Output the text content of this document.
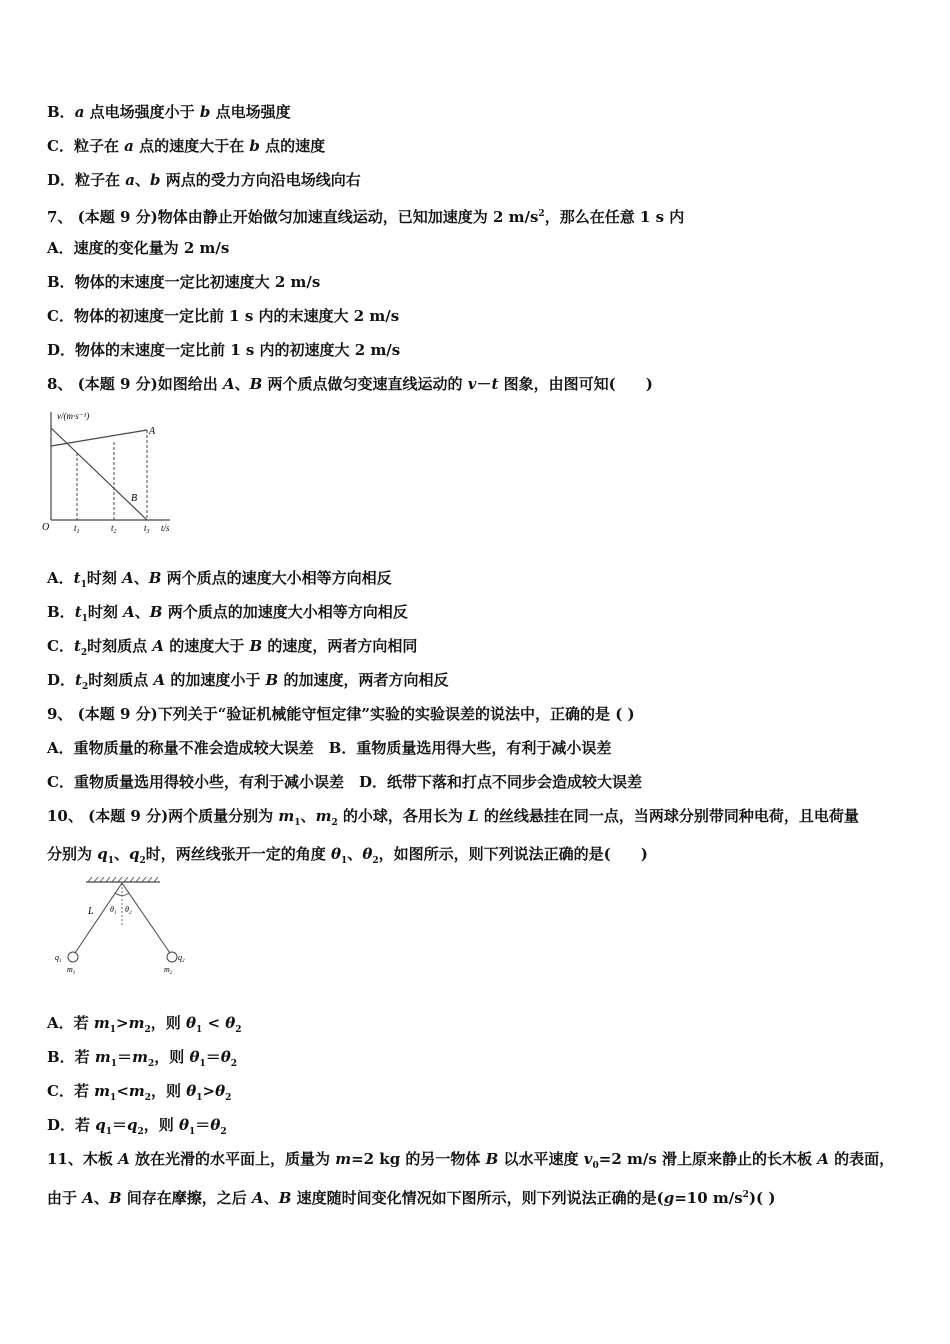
B．a 点电场强度小于 b 点电场强度
C．粒子在 a 点的速度大于在 b 点的速度
D．粒子在 a、b 两点的受力方向沿电场线向右
7、 (本题 9 分)物体由静止开始做匀加速直线运动，已知加速度为 2 $m/s^2$，那么在任意 1 s 内
A．速度的变化量为 2 m/s
B．物体的末速度一定比初速度大 2 m/s
C．物体的初速度一定比前 1 s 内的末速度大 2 m/s
D．物体的末速度一定比前 1 s 内的初速度大 2 m/s
8、 (本题 9 分)如图给出 A、B 两个质点做匀变速直线运动的 v－t 图象，由图可知(　　)
v/(m·s⁻¹)
A
B
O	$t_1$	$t_2$	$t_3$ t/s
A．$t_1$时刻 A、B 两个质点的速度大小相等方向相反
B．$t_1$时刻 A、B 两个质点的加速度大小相等方向相反
C．$t_2$时刻质点 A 的速度大于 B 的速度，两者方向相同
D．$t_2$时刻质点 A 的加速度小于 B 的加速度，两者方向相反
9、 (本题 9 分)下列关于“验证机械能守恒定律”实验的实验误差的说法中，正确的是 ( )
A．重物质量的称量不准会造成较大误差　B．重物质量选用得大些，有利于减小误差
C．重物质量选用得较小些，有利于减小误差　D．纸带下落和打点不同步会造成较大误差
10、 (本题 9 分)两个质量分别为 $m_1$、$m_2$ 的小球，各用长为 L 的丝线悬挂在同一点，当两球分别带同种电荷，且电荷量
分别为 $q_1$、$q_2$时，两丝线张开一定的角度 $\theta_1$、$\theta_2$，如图所示，则下列说法正确的是(　　)
L $\theta_1$ $\theta_2$
$q_1$
$m_1$
$q_2$
$m_2$
A．若 $m_1>m_2$，则 $\theta_1 < \theta_2$
B．若 $m_1=m_2$，则 $\theta_1=\theta_2$
C．若 $m_1<m_2$，则 $\theta_1>\theta_2$
D．若 $q_1=q_2$，则 $\theta_1=\theta_2$
11、木板 A 放在光滑的水平面上，质量为 m=2 kg 的另一物体 B 以水平速度 $v_0=2$ m/s 滑上原来静止的长木板 A 的表面，
由于 A、B 间存在摩擦，之后 A、B 速度随时间变化情况如下图所示，则下列说法正确的是(g=10 $m/s^2$)( )
